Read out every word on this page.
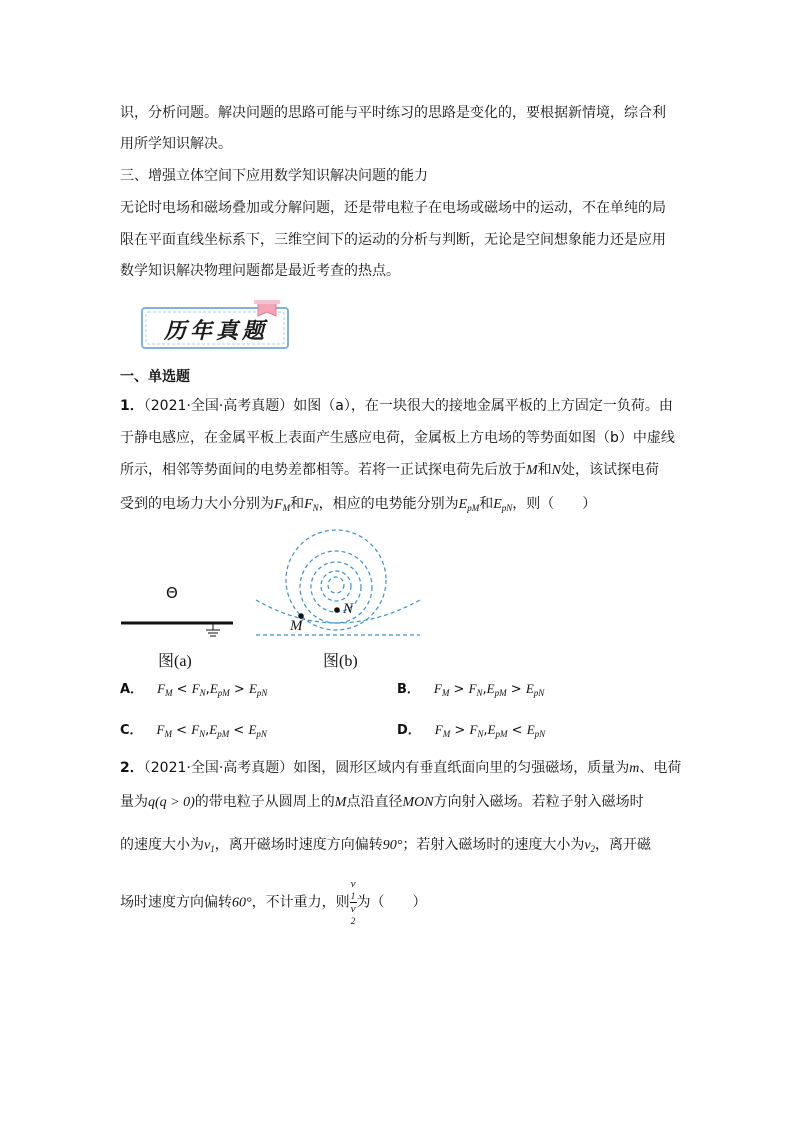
识，分析问题。解决问题的思路可能与平时练习的思路是变化的，要根据新情境，综合利
用所学知识解决。
三、增强立体空间下应用数学知识解决问题的能力
无论时电场和磁场叠加或分解问题，还是带电粒子在电场或磁场中的运动，不在单纯的局
限在平面直线坐标系下，三维空间下的运动的分析与判断，无论是空间想象能力还是应用
数学知识解决物理问题都是最近考查的热点。
历年真题
一、单选题
1．（2021·全国·高考真题）如图（a），在一块很大的接地金属平板的上方固定一负荷。由
于静电感应，在金属平板上表面产生感应电荷，金属板上方电场的等势面如图（b）中虚线
所示，相邻等势面间的电势差都相等。若将一正试探电荷先后放于M和N处，该试探电荷
受到的电场力大小分别为$F_M$和$F_N$，相应的电势能分别为$E_{pM}$和$E_{pN}$，则（　　）
Θ
图(a)
M
N
图(b)
A． $F_M < F_N,E_{pM} > E_{pN}$	B． $F_M > F_N,E_{pM} > E_{pN}$
C． $F_M < F_N,E_{pM} < E_{pN}$	D． $F_M > F_N,E_{pM} < E_{pN}$
2．（2021·全国·高考真题）如图，圆形区域内有垂直纸面向里的匀强磁场，质量为m、电荷
量为q(q > 0)的带电粒子从圆周上的M点沿直径MON方向射入磁场。若粒子射入磁场时
的速度大小为$v_1$，离开磁场时速度方向偏转90°；若射入磁场时的速度大小为$v_2$，离开磁
场时速度方向偏转60°，不计重力，则 v
1
v
2 为（　　）
